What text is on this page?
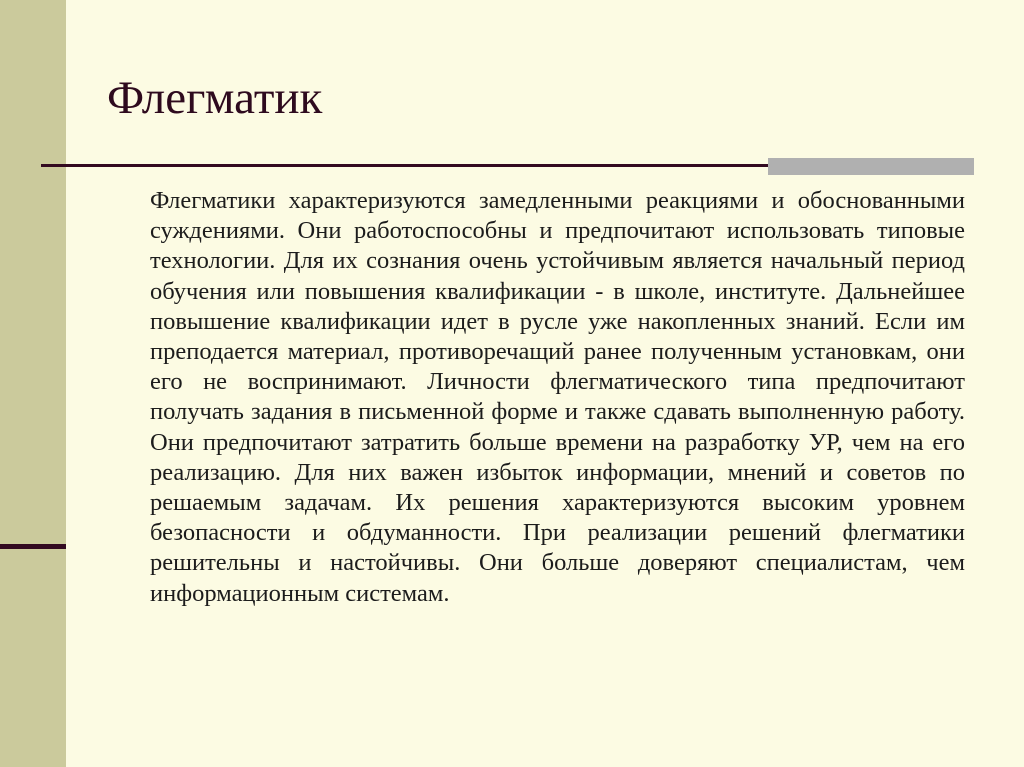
Флегматик

Флегматики характеризуются замедленными реакциями и обоснованными суждениями. Они работоспособны и предпочитают использовать типовые технологии. Для их сознания очень устойчивым является начальный период обучения или повышения квалификации - в школе, институте. Дальнейшее повышение квалификации идет в русле уже накопленных знаний. Если им преподается материал, противоречащий ранее полученным установкам, они его не воспринимают. Личности флегматического типа предпочитают получать задания в письменной форме и также сдавать выполненную работу. Они предпочитают затратить больше времени на разработку УР, чем на его реализацию. Для них важен избыток информации, мнений и советов по решаемым задачам. Их решения характеризуются высоким уровнем безопасности и обдуманности. При реализации решений флегматики решительны и настойчивы. Они больше доверяют специалистам, чем информационным системам.
